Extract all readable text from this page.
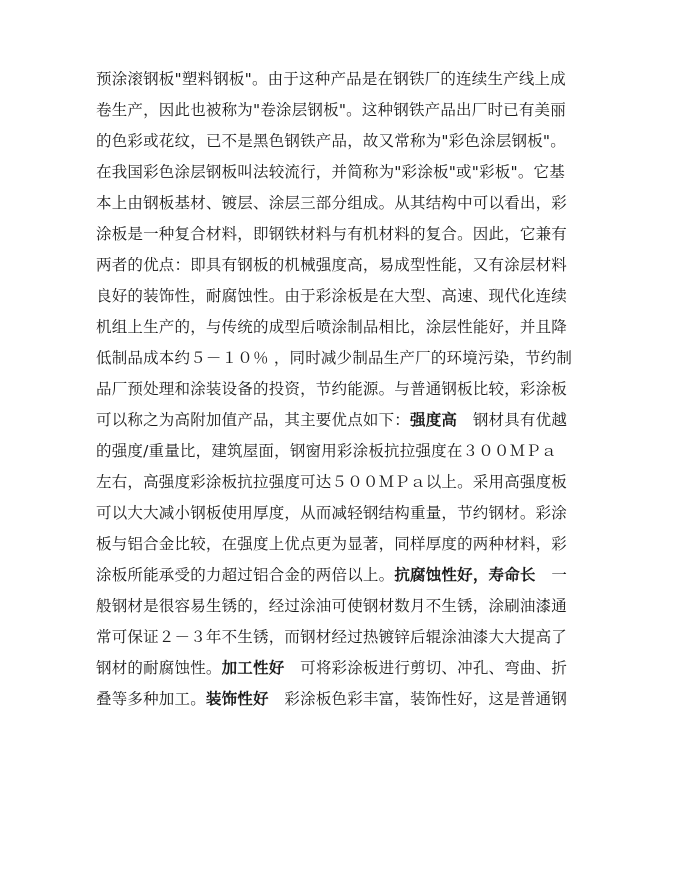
预涂滚钢板"塑料钢板"。由于这种产品是在钢铁厂的连续生产线上成
卷生产，因此也被称为"卷涂层钢板"。这种钢铁产品出厂时已有美丽
的色彩或花纹，已不是黑色钢铁产品，故又常称为"彩色涂层钢板"。
在我国彩色涂层钢板叫法较流行，并简称为"彩涂板"或"彩板"。它基
本上由钢板基材、镀层、涂层三部分组成。从其结构中可以看出，彩
涂板是一种复合材料，即钢铁材料与有机材料的复合。因此，它兼有
两者的优点：即具有钢板的机械强度高，易成型性能，又有涂层材料
良好的装饰性，耐腐蚀性。由于彩涂板是在大型、高速、现代化连续
机组上生产的，与传统的成型后喷涂制品相比，涂层性能好，并且降
低制品成本约５－１０％ ，同时减少制品生产厂的环境污染，节约制
品厂预处理和涂装设备的投资，节约能源。与普通钢板比较，彩涂板
可以称之为高附加值产品，其主要优点如下：强度高　钢材具有优越
的强度/重量比，建筑屋面，钢窗用彩涂板抗拉强度在３００ＭＰａ
左右，高强度彩涂板抗拉强度可达５００ＭＰａ以上。采用高强度板
可以大大减小钢板使用厚度，从而减轻钢结构重量，节约钢材。彩涂
板与铝合金比较，在强度上优点更为显著，同样厚度的两种材料，彩
涂板所能承受的力超过铝合金的两倍以上。抗腐蚀性好，寿命长　一
般钢材是很容易生锈的，经过涂油可使钢材数月不生锈，涂刷油漆通
常可保证２－３年不生锈，而钢材经过热镀锌后辊涂油漆大大提高了
钢材的耐腐蚀性。加工性好　可将彩涂板进行剪切、冲孔、弯曲、折
叠等多种加工。装饰性好　彩涂板色彩丰富，装饰性好，这是普通钢
